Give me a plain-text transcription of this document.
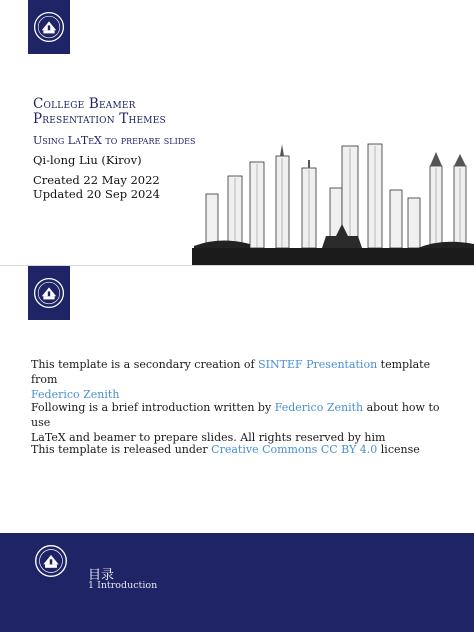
College Beamer
Presentation Themes
Using LaTeX to prepare slides
Qi-long Liu (Kirov)
Created 22 May 2022
Updated 20 Sep 2024
This template is a secondary creation of SINTEF Presentation template from
Federico Zenith
Following is a brief introduction written by Federico Zenith about how to use
LaTeX and beamer to prepare slides. All rights reserved by him
This template is released under Creative Commons CC BY 4.0 license
目录
1 Introduction
